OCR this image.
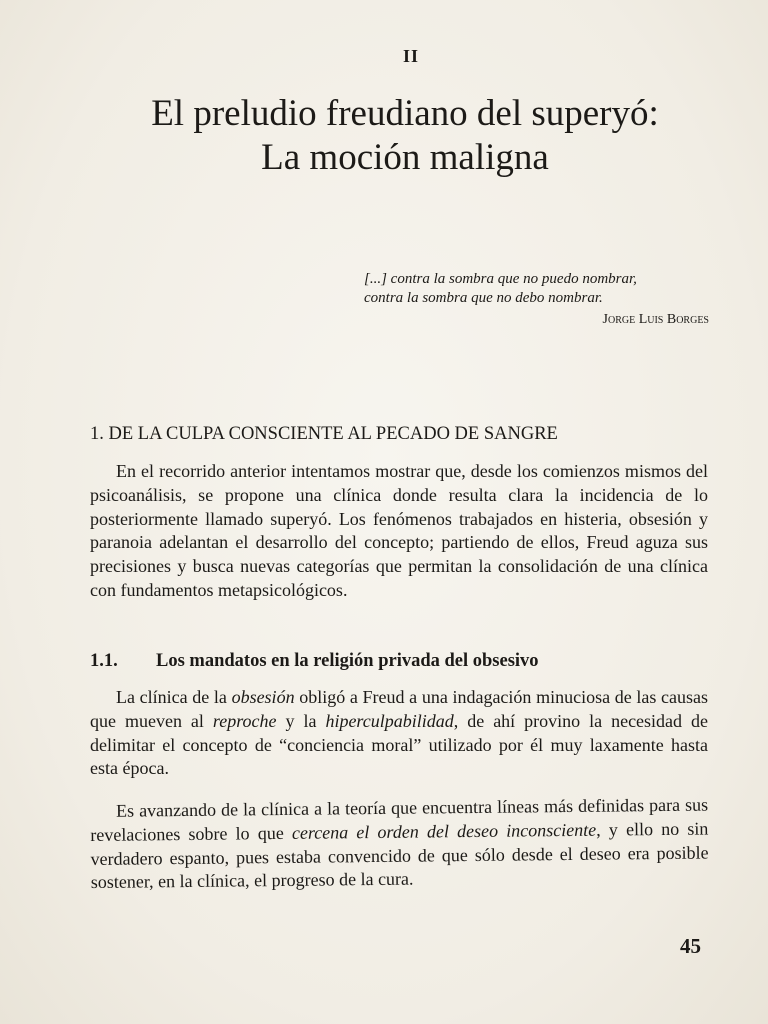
II
El preludio freudiano del superyó:
La moción maligna
[...] contra la sombra que no puedo nombrar,
contra la sombra que no debo nombrar.
Jorge Luis Borges
1. DE LA CULPA CONSCIENTE AL PECADO DE SANGRE

En el recorrido anterior intentamos mostrar que, desde los comienzos mismos del psicoanálisis, se propone una clínica donde resulta clara la incidencia de lo posteriormente llamado superyó. Los fenómenos trabajados en histeria, obsesión y paranoia adelantan el desarrollo del concepto; partiendo de ellos, Freud aguza sus precisiones y busca nuevas categorías que permitan la consolidación de una clínica con fundamentos metapsicológicos.

1.1. Los mandatos en la religión privada del obsesivo

La clínica de la obsesión obligó a Freud a una indagación minuciosa de las causas que mueven al reproche y la hiperculpabilidad, de ahí provino la necesidad de delimitar el concepto de “conciencia moral” utilizado por él muy laxamente hasta esta época.

Es avanzando de la clínica a la teoría que encuentra líneas más definidas para sus revelaciones sobre lo que cercena el orden del deseo inconsciente, y ello no sin verdadero espanto, pues estaba convencido de que sólo desde el deseo era posible sostener, en la clínica, el progreso de la cura.

45
